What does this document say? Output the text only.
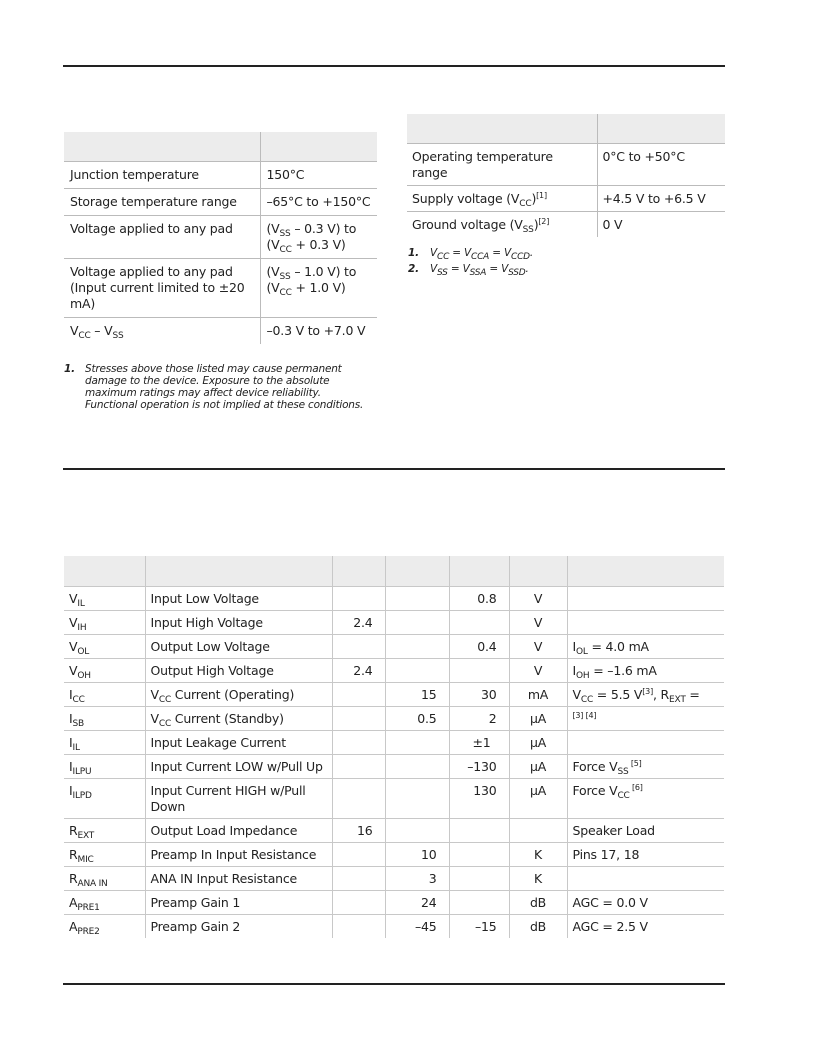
Junction temperature	150°C
Storage temperature range	–65°C to +150°C
Voltage applied to any pad	($V_{SS} - 0.3$ V) to
($V_{CC} + 0.3$ V)
Voltage applied to any pad
(Input current limited to ±20
mA)	($V_{SS} - 1.0$ V) to
($V_{CC} + 1.0$ V)
$V_{CC} - V_{SS}$	–0.3 V to +7.0 V
1. Stresses above those listed may cause permanent damage to the device. Exposure to the absolute maximum ratings may affect device reliability. Functional operation is not implied at these conditions.

Operating temperature range	0°C to +50°C
Supply voltage $(V_{CC})[1]$	+4.5 V to +6.5 V
Ground voltage $(V_{SS})[2]$	0 V
1. $V_{CC} = V_{CCA} = V_{CCD}$.
2. $V_{SS} = V_{SSA} = V_{SSD}$.

$V_{IL}$	Input Low Voltage			0.8	V	
$V_{IH}$	Input High Voltage	2.4			V	
$V_{OL}$	Output Low Voltage			0.4	V	$I_{OL} = 4.0$ mA
$V_{OH}$	Output High Voltage	2.4			V	$I_{OH} = -1.6$ mA
$I_{CC}$	$V_{CC}$ Current (Operating)		15	30	mA	$V_{CC} = 5.5$ V[3], $R_{EXT}$ =
$I_{SB}$	$V_{CC}$ Current (Standby)		0.5	2	µA	[3] [4]
$I_{IL}$	Input Leakage Current			±1	µA	
$I_{ILPU}$	Input Current LOW w/Pull Up			–130	µA	Force $V_{SS}$ [5]
$I_{ILPD}$	Input Current HIGH w/Pull
Down			130	µA	Force $V_{CC}$ [6]
$R_{EXT}$	Output Load Impedance	16				Speaker Load
$R_{MIC}$	Preamp In Input Resistance		10		K	Pins 17, 18
$R_{ANA IN}$	ANA IN Input Resistance		3		K	
$A_{PRE1}$	Preamp Gain 1		24		dB	AGC = 0.0 V
$A_{PRE2}$	Preamp Gain 2		–45	–15	dB	AGC = 2.5 V
